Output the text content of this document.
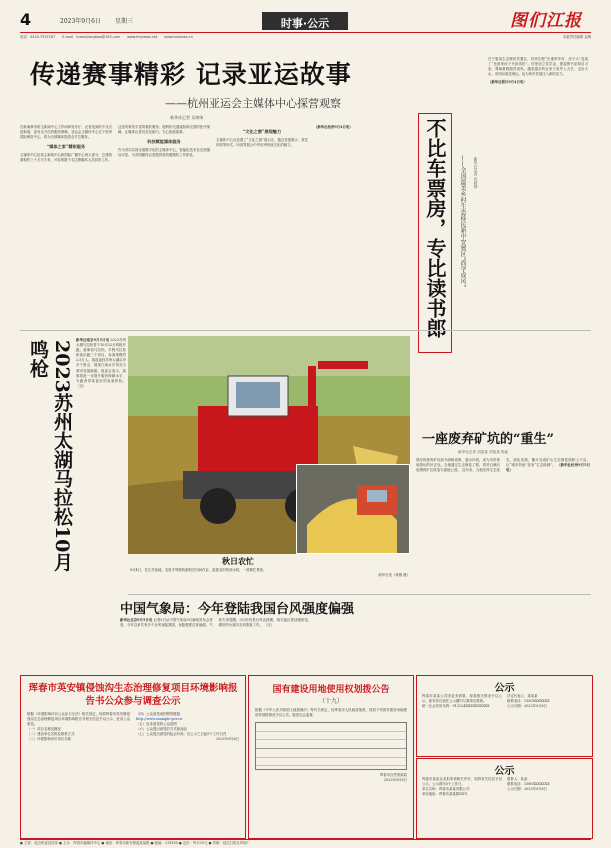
4	2023年9月6日 星期三	时事·公示	图们江报
电话：0433-7537167 E-mail：tumenjiangbao@163.com www.tmjnews.net www.tmjnews.cn	本版责任编辑 金梅
传递赛事精彩 记录亚运故事
——杭州亚运会主媒体中心探营观察
新华社记者 吴帅帅
在新闻事务的主新闻中心工作间和发布厅，记者见到的不仅仅是新闻，更有全方位的服务保障。亚运会主媒体中心位于杭州国际博览中心，将为全球媒体提供全方位服务。
“媒体之家”精彩服务
主媒体中心包括主新闻中心和国际广播中心两大部分，总建筑面积约三十万平方米，可容纳数千名注册媒体人员同时工作。
这里有种类丰富的餐饮服务、便利的交通接驳和完善的医疗保障，让媒体记者们宾至如归，专心报道赛事。
科技赋能媒体服务
作为首次实现全面数字化的主媒体中心，智能化技术在这里随处可见，为各国媒体记者提供高效便捷的工作体验。
“文化之窗”展现魅力
主媒体中心还设置了“文化之窗”展示区，通过非遗展示、茶艺体验等形式，向世界展示中华优秀传统文化的魅力。
（新华社杭州9月4日电）	不比车票房，专比读书郎	——全国最美乡村生态移民新中安置区“尚学成风” 新华社记者 吴帅帅
在宁夏某生态移民安置区，村民们把“比谁家车好、房子大”变成了“比谁家孩子书读得好”。村里设立奖学金，建起图书室和自习室，尊师重教蔚然成风。越来越多的农家子弟考入大学，走出大山，用知识改变命运，也为家乡发展注入新的活力。
（新华社银川9月4日电）
2023苏州太湖马拉松10月鸣枪	新华社南京9月5日电 2023苏州太湖马拉松将于10月22日鸣枪开跑，赛事设马拉松、半程马拉松和欢乐跑三个项目，参赛规模约2.5万人。赛道途经苏州太湖沿岸多个景点，展现江南水乡风光与城市发展新貌。组委会表示，赛事将进一步提升服务保障水平，为跑者带来更好的参赛体验。 （完）
秋日农忙
9月4日，在江苏某地，农机手驾驶收割机在田间作业，抢抓农时收获水稻，一派繁忙景象。
新华社发（蒋刚 摄）
一座废弃矿坑的“重生”
新华社记者 刘某某 刘某某 杨某
曾经的废弃矿坑如今绿树成荫、碧水环绕，成为市民休闲游玩的好去处。当地通过生态修复工程，将昔日满目疮痍的矿区改造为湿地公园。 近年来，当地坚持生态优先、绿色发展，累计完成矿山生态修复面积上千亩，让“城市伤疤”变身“生态绿肺”。 （新华社杭州9月5日电）
中国气象局：今年登陆我国台风强度偏强
新华社北京9月5日电 记者5日从中国气象局9月新闻发布会获悉，今年以来共有多个台风登陆我国，登陆强度总体偏强。气象专家提醒，9月份仍是台风活跃期，相关地区需加强防范，做好防台减灾各项准备工作。 （完）
珲春市英安镇侵蚀沟生态治理修复项目环境影响报告书公众参与调查公示
根据《环境影响评价公众参与办法》相关规定，现将珲春市英安镇侵蚀沟生态治理修复项目环境影响报告书相关信息予以公示，征求公众意见。
（一）项目名称及概况
（二）建设单位名称及联系方式
（三）环境影响评价单位名称
（四）公众意见表的网络链接
http://www.example.gov.cn
（五）征求意见的公众范围
（六）公众提出意见的方式和途径
（七）公众提出意见的起止时间：自公示之日起5个工作日内
2023年9月6日
国有建设用地使用权划拨公告
（十九）
根据《中华人民共和国土地管理法》等有关规定，经珲春市人民政府批准，现将下列国有建设用地使用权划拨情况予以公告，接受社会监督。
珲春市自然资源局
2023年9月6日
公示
珲春市某某公司因业务需要，现将相关情况予以公示，如有异议请在公示期内与我单位联系。
统一社会信用代码：912224XXXXXXXXXX
法定代表人：某某某
联系电话：1350XXXXXXX
公示日期：2023年9月6日
公示
珲春市某某企业拟申请相关许可，现将有关信息予以公示，公示期为5个工作日。
单位名称：珲春市某某有限公司
单位地址：珲春市某某路XX号
联系人：某某
联系电话：1380XXXXXXX
公示日期：2023年9月6日
● 主管：延边州委宣传部 ● 主办：珲春市融媒体中心 ● 地址：珲春市新安街道某某路 ● 邮编：133300 ● 定价：每月15元 ● 印刷：延边日报社印刷厂
